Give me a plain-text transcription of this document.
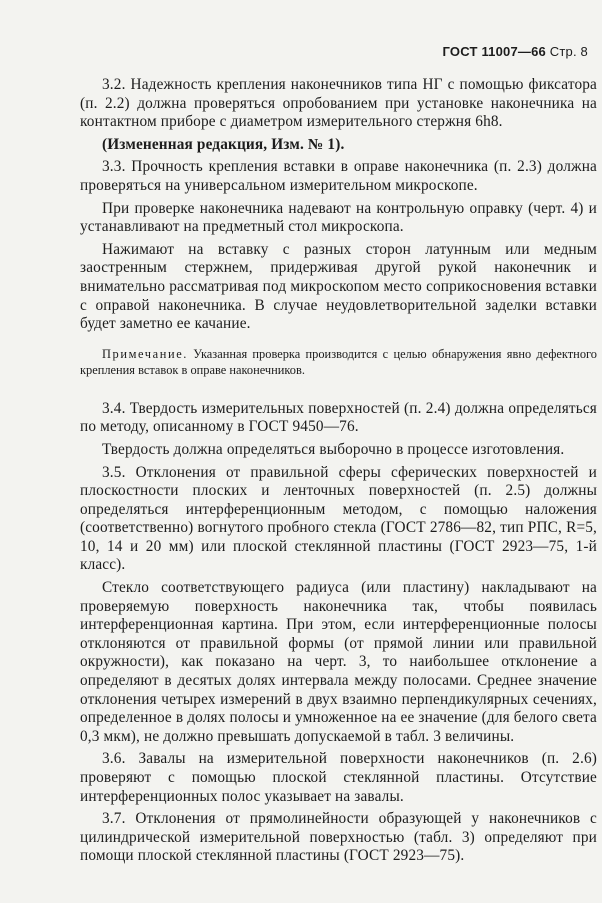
ГОСТ 11007—66 Стр. 8

3.2. Надежность крепления наконечников типа НГ с помощью фиксатора (п. 2.2) должна проверяться опробованием при установке наконечника на контактном приборе с диаметром измерительного стержня 6h8.

(Измененная редакция, Изм. № 1).

3.3. Прочность крепления вставки в оправе наконечника (п. 2.3) должна проверяться на универсальном измерительном микроскопе.

При проверке наконечника надевают на контрольную оправку (черт. 4) и устанавливают на предметный стол микроскопа.

Нажимают на вставку с разных сторон латунным или медным заостренным стержнем, придерживая другой рукой наконечник и внимательно рассматривая под микроскопом место соприкосновения вставки с оправой наконечника. В случае неудовлетворительной заделки вставки будет заметно ее качание.

Примечание. Указанная проверка производится с целью обнаружения явно дефектного крепления вставок в оправе наконечников.

3.4. Твердость измерительных поверхностей (п. 2.4) должна определяться по методу, описанному в ГОСТ 9450—76.

Твердость должна определяться выборочно в процессе изготовления.

3.5. Отклонения от правильной сферы сферических поверхностей и плоскостности плоских и ленточных поверхностей (п. 2.5) должны определяться интерференционным методом, с помощью наложения (соответственно) вогнутого пробного стекла (ГОСТ 2786—82, тип РПС, R=5, 10, 14 и 20 мм) или плоской стеклянной пластины (ГОСТ 2923—75, 1-й класс).

Стекло соответствующего радиуса (или пластину) накладывают на проверяемую поверхность наконечника так, чтобы появилась интерференционная картина. При этом, если интерференционные полосы отклоняются от правильной формы (от прямой линии или правильной окружности), как показано на черт. 3, то наибольшее отклонение a определяют в десятых долях интервала между полосами. Среднее значение отклонения четырех измерений в двух взаимно перпендикулярных сечениях, определенное в долях полосы и умноженное на ее значение (для белого света 0,3 мкм), не должно превышать допускаемой в табл. 3 величины.

3.6. Завалы на измерительной поверхности наконечников (п. 2.6) проверяют с помощью плоской стеклянной пластины. Отсутствие интерференционных полос указывает на завалы.

3.7. Отклонения от прямолинейности образующей у наконечников с цилиндрической измерительной поверхностью (табл. 3) определяют при помощи плоской стеклянной пластины (ГОСТ 2923—75).
